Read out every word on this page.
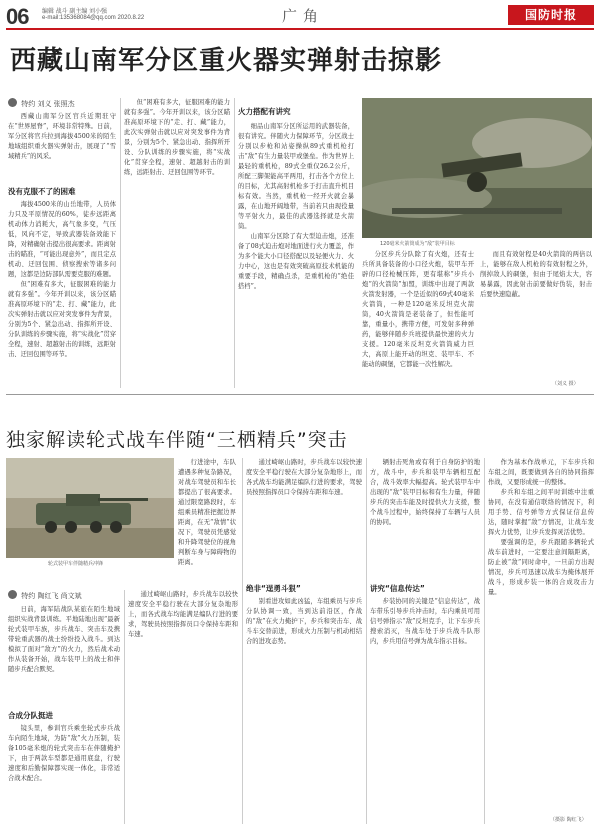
06 编辑 战斗 副主编 刘小强
e-mail:135368084@qq.com 2020.8.22	广角	国防时报
西藏山南军分区重火器实弹射击掠影
特约 刘义 张照杰

西藏山南军分区官兵近期驻守在“世界屋脊”，环境非常特殊。日前，军分区将官兵拉到海拔4500米的陌生地域组织重火器实弹射击，展现了“雪域精兵”的风采。

没有克服不了的困难

海拔4500米的山岳地带，人员体力只及平原情况的60%，徒步远距离机动体力消耗大，高气象多变，气压低，风向不定，导致武器装备效能下降，对精确射击提出很高要求。距离射击的瞄准，“可能出现意外”，而且定点机动、迂回包围、侦察搜索等诸多问题，这都是边防部队需要克服的难题。

但“困难有多大，征服困难的能力就有多强”。今年开训以来，该分区瞄准高原环境下的“走、打、藏”能力，此次实弹射击就以应对突发事件为背景，分别为5个、紧急出动、指挥所开设、分队训练的步骤实施，将“实战化”贯穿全程，速射、超越射击的训练，远距射击、迂回包围等环节。

但“困难有多大，征服困难的能力就有多强”。今年开训以来，该分区瞄准高原环境下的“走、打、藏”能力，此次实弹射击就以应对突发事件为背景，分别为5个、紧急出动、指挥所开设、分队训练的步骤实施，将“实战化”贯穿全程，速射、超越射击的训练，远距射击、迂回包围等环节。

火力搭配有讲究

细品山南军分区所运用的武器装备，很有讲究。伴随火力保障环节，分区战士分别以步枪和站姿操纵89式重机枪打击“敌”有生力量装甲或堡垒。作为世界上最轻的重机枪，89式全重仅26.2公斤，所配三脚架能高平两用，打击各个方位上的目标，尤其高射机枪多于打击直升机目标有效。当然，重机枪一经开火就会暴露，在山地开阔地带，当前若只由现役量等平射火力，最佳的武器选择就是火箭筒。

山南军分区除了有大型迫击炮，还准备了08式迫击炮对地面进行火力覆盖，作为多个能大小口径搭配以及轻便火力、火力中心，这也是有效突破高原技术机能的重要手段，精确点杀，是重机枪的“绝佳搭档”。

120毫米火箭筒成为“敌”装甲目标

分区步兵分队除了有火炮，还有士兵所具备装备的小口径火炮，装甲车开辟的口径枪械压阵，更有堪称“步兵小炮”的火箭筒”加盟，训练中出现了两款火箭发射器，一个是近似的69式40毫米火箭筒，一种是120毫米反坦克火箭筒，40火箭筒是老装备了，但性能可靠，重量小，携带方便，可发射多种弹药，能够伴随步兵班提供最快速的火力支援。120毫米反坦克火箭筒威力巨大，高原上能开动的坦克、装甲车、不能动的碉堡，它都能一次性解决。

而且有效射程是40火箭筒的两倍以上，能够在敌人机枪的有效射程之外，削掉敌人的碉堡，但由于尾焰太大，容易暴露，因此射击前要做好伪装，射击后要快速隐蔽。

（刘义 摄）
独家解读轮式战车伴随“三栖精兵”突击
轮式装甲车伴随精兵冲锋

行进途中，车队遭遇多种复杂路况，对战车驾驶员和车长都提出了很高要求。通过限宽路段时，车组乘员精准把握边界距离，在无“敌情”状况下，驾驶员凭感觉和升降驾驶位的视角判断车身与障碍物的距离。

特约 陶红飞 尚文斌

日前，海军陆战队某旅在陌生地域组织实战背景训练。平地陆地出现“最新轮式装甲车族，步兵战车、突击车及携带轮重武器的战士纷纷投入战斗。到达模拟了面对“敌方”的火力，然后战术动作从装备开始，战车装甲上的战士和伴随步兵配合默契。

合成分队挺进

镜头里，参训官兵乘坐轮式步兵战车向陌生地域，为防“敌”火力压制，装备105毫米炮的轮式突击车在伴随掩护下，由于两款车型都是通用底盘，行驶速度和后勤保障都实现一体化，非常适合战术配合。

通过崎岖山路时，步兵战车以较快速度安全平稳行驶在大部分复杂地形上，而各式战车均能满足编队行进的要求，驾驶员按照指挥员口令保持车距和车速。

通过崎岖山路时，步兵战车以较快速度安全平稳行驶在大部分复杂地形上，而各式战车均能满足编队行进的要求，驾驶员按照指挥员口令保持车距和车速。

绝非“逞勇斗狠”

别看进攻如此凶猛，车组乘员与步兵分队协调一致，当到达前沿区，作战的“敌”在火力掩护下，步兵和突击车、战斗车交替前进，形成火力压制与机动相结合的进攻态势。

辆射击死角或有利于自身防护的地方，战斗中，步兵和装甲车辆相互配合，战斗效率大幅提高。轮式装甲车中出现的“敌”装甲目标和有生力量，伴随步兵的突击车能及时提供火力支援，整个战斗过程中，始终保持了车辆与人员的协同。

讲究“信息传达”

步装协同的关键是“信息传达”，战车带乐引导步兵冲击时，车内乘员可用信号弹指示“敌”反坦克手，让下车步兵搜索消灭，当战车处于步兵战斗队形内，步兵用信号弹为战车指示目标。

作为基本作战单元，下车步兵和车组之间，既要做到各自的协同指挥作战，又要形成统一的整体。

步兵和车组之间平时训练中注重协同，在没有通信联络的情况下，利用手势、信号弹等方式保证信息传达，随时掌握“敌”方情况，让战车发挥火力优势，让步兵发挥灵活优势。

要强调的是，步兵跟随多辆轮式战车前进时，一定要注意间隔距离，防止被“敌”同时命中，一旦前方出现情况，步兵可迅速以战车为掩体展开战斗，形成步装一体的合成攻击力量。

（摄影 陶红飞）
